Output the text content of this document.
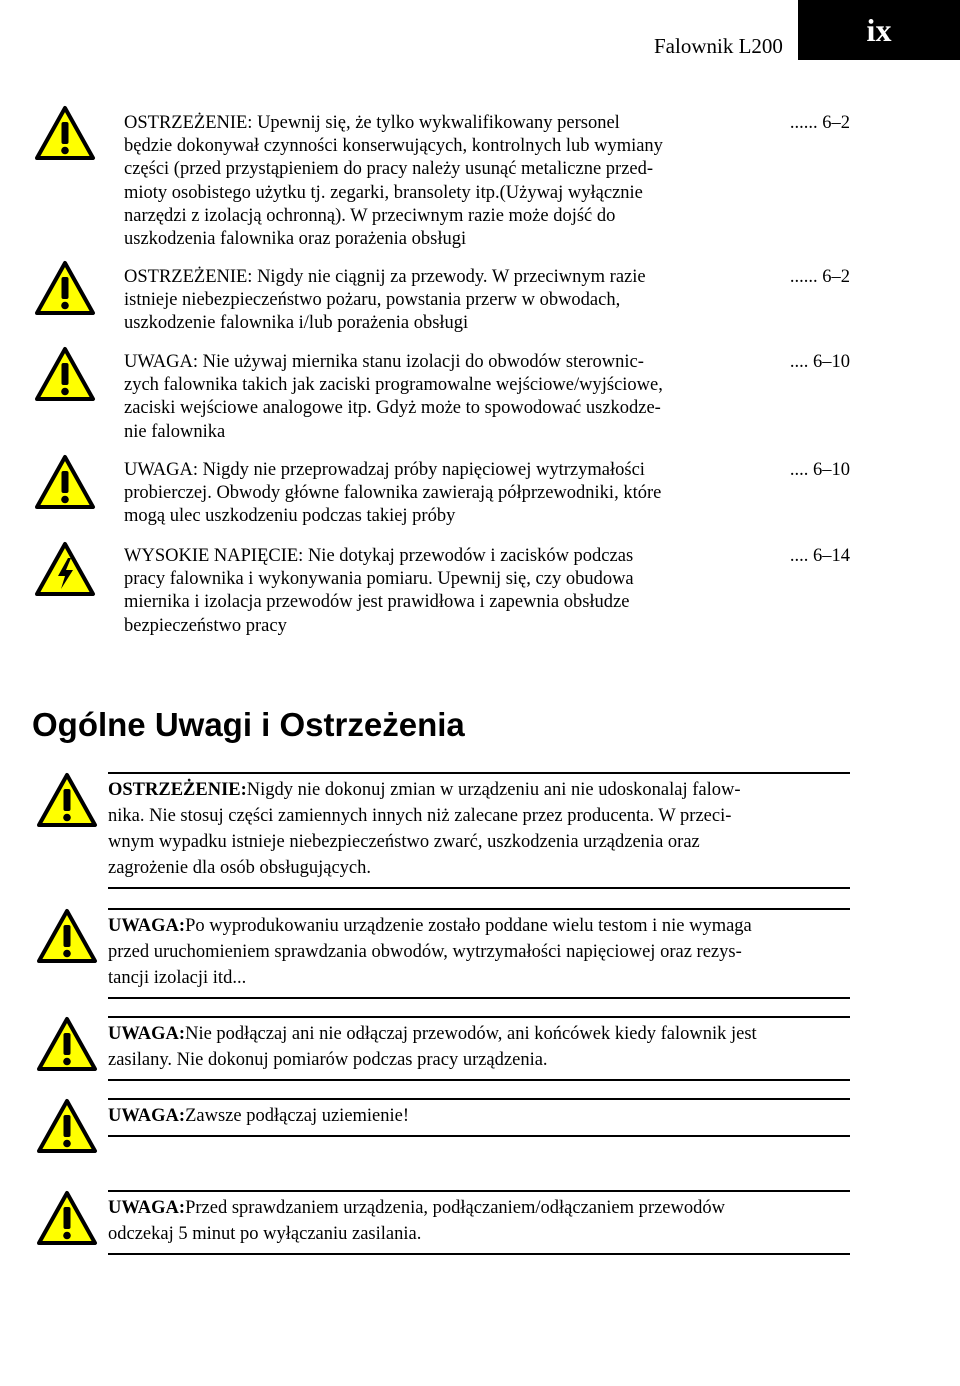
Falownik L200	ix
OSTRZEŻENIE: Upewnij się, że tylko wykwalifikowany personel
będzie dokonywał czynności konserwujących, kontrolnych lub wymiany
części (przed przystąpieniem do pracy należy usunąć metaliczne przed-
mioty osobistego użytku tj. zegarki, bransolety itp.(Używaj wyłącznie
narzędzi z izolacją ochronną). W przeciwnym razie może dojść do
uszkodzenia falownika oraz porażenia obsługi
...... 6–2
OSTRZEŻENIE: Nigdy nie ciągnij za przewody. W przeciwnym razie
istnieje niebezpieczeństwo pożaru, powstania przerw w obwodach,
uszkodzenie falownika i/lub porażenia obsługi
...... 6–2
UWAGA: Nie używaj miernika stanu izolacji do obwodów sterownic-
zych falownika takich jak zaciski programowalne wejściowe/wyjściowe,
zaciski wejściowe analogowe itp. Gdyż może to spowodować uszkodze-
nie falownika
.... 6–10
UWAGA: Nigdy nie przeprowadzaj próby napięciowej wytrzymałości
probierczej. Obwody główne falownika zawierają półprzewodniki, które
mogą ulec uszkodzeniu podczas takiej próby
.... 6–10
WYSOKIE NAPIĘCIE: Nie dotykaj przewodów i zacisków podczas
pracy falownika i wykonywania pomiaru. Upewnij się, czy obudowa
miernika i izolacja przewodów jest prawidłowa i zapewnia obsłudze
bezpieczeństwo pracy
.... 6–14
Ogólne Uwagi i Ostrzeżenia
OSTRZEŻENIE:Nigdy nie dokonuj zmian w urządzeniu ani nie udoskonalaj falow-
nika. Nie stosuj części zamiennych innych niż zalecane przez producenta. W przeci-
wnym wypadku istnieje niebezpieczeństwo zwarć, uszkodzenia urządzenia oraz
zagrożenie dla osób obsługujących.
UWAGA:Po wyprodukowaniu urządzenie zostało poddane wielu testom i nie wymaga
przed uruchomieniem sprawdzania obwodów, wytrzymałości napięciowej oraz rezys-
tancji izolacji itd...
UWAGA:Nie podłączaj ani nie odłączaj przewodów, ani końcówek kiedy falownik jest
zasilany. Nie dokonuj pomiarów podczas pracy urządzenia.
UWAGA:Zawsze podłączaj uziemienie!
UWAGA:Przed sprawdzaniem urządzenia, podłączaniem/odłączaniem przewodów
odczekaj 5 minut po wyłączaniu zasilania.
